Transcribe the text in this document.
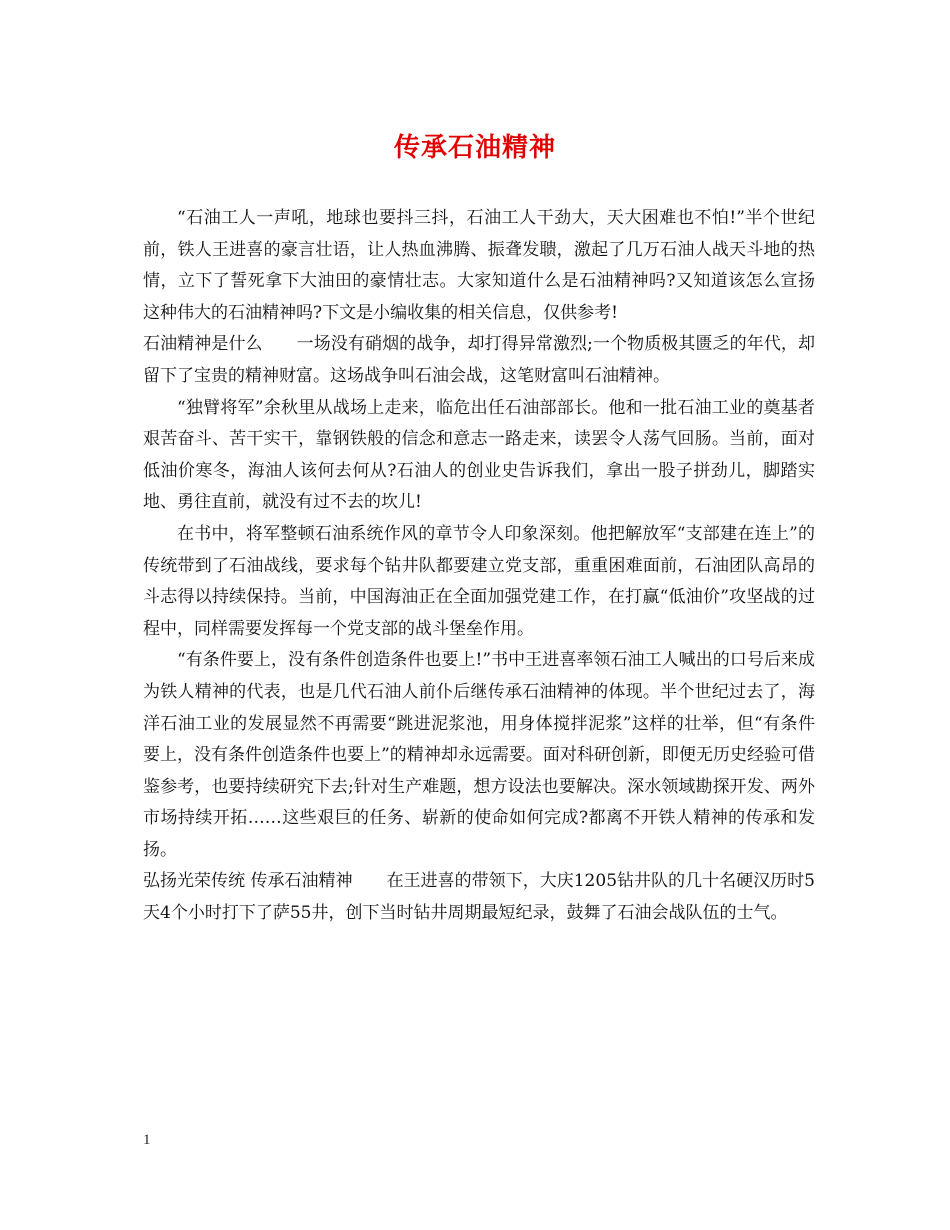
传承石油精神

“石油工人一声吼，地球也要抖三抖，石油工人干劲大，天大困难也不怕!”半个世纪前，铁人王进喜的豪言壮语，让人热血沸腾、振聋发聩，激起了几万石油人战天斗地的热情，立下了誓死拿下大油田的豪情壮志。大家知道什么是石油精神吗?又知道该怎么宣扬这种伟大的石油精神吗?下文是小编收集的相关信息，仅供参考!

石油精神是什么 一场没有硝烟的战争，却打得异常激烈;一个物质极其匮乏的年代，却留下了宝贵的精神财富。这场战争叫石油会战，这笔财富叫石油精神。

“独臂将军”余秋里从战场上走来，临危出任石油部部长。他和一批石油工业的奠基者艰苦奋斗、苦干实干，靠钢铁般的信念和意志一路走来，读罢令人荡气回肠。当前，面对低油价寒冬，海油人该何去何从?石油人的创业史告诉我们，拿出一股子拼劲儿，脚踏实地、勇往直前，就没有过不去的坎儿!

在书中，将军整顿石油系统作风的章节令人印象深刻。他把解放军“支部建在连上”的传统带到了石油战线，要求每个钻井队都要建立党支部，重重困难面前，石油团队高昂的斗志得以持续保持。当前，中国海油正在全面加强党建工作，在打赢“低油价”攻坚战的过程中，同样需要发挥每一个党支部的战斗堡垒作用。

“有条件要上，没有条件创造条件也要上!”书中王进喜率领石油工人喊出的口号后来成为铁人精神的代表，也是几代石油人前仆后继传承石油精神的体现。半个世纪过去了，海洋石油工业的发展显然不再需要“跳进泥浆池，用身体搅拌泥浆”这样的壮举，但“有条件要上，没有条件创造条件也要上”的精神却永远需要。面对科研创新，即便无历史经验可借鉴参考，也要持续研究下去;针对生产难题，想方设法也要解决。深水领域勘探开发、两外市场持续开拓……这些艰巨的任务、崭新的使命如何完成?都离不开铁人精神的传承和发扬。

弘扬光荣传统 传承石油精神 在王进喜的带领下，大庆1205钻井队的几十名硬汉历时5天4个小时打下了萨55井，创下当时钻井周期最短纪录，鼓舞了石油会战队伍的士气。

1
